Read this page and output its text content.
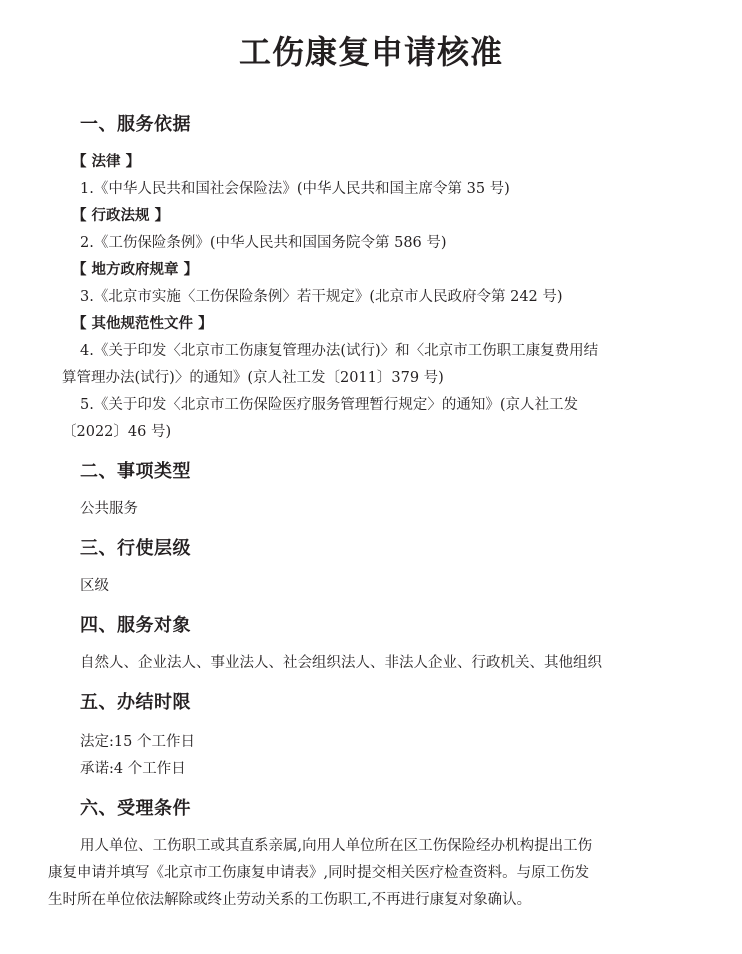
工伤康复申请核准
一、服务依据
【 法律 】
1.《中华人民共和国社会保险法》(中华人民共和国主席令第 35 号)
【 行政法规 】
2.《工伤保险条例》(中华人民共和国国务院令第 586 号)
【 地方政府规章 】
3.《北京市实施〈工伤保险条例〉若干规定》(北京市人民政府令第 242 号)
【 其他规范性文件 】
4.《关于印发〈北京市工伤康复管理办法(试行)〉和〈北京市工伤职工康复费用结
算管理办法(试行)〉的通知》(京人社工发〔2011〕379 号)
5.《关于印发〈北京市工伤保险医疗服务管理暂行规定〉的通知》(京人社工发
〔2022〕46 号)
二、事项类型
公共服务
三、行使层级
区级
四、服务对象
自然人、企业法人、事业法人、社会组织法人、非法人企业、行政机关、其他组织
五、办结时限
法定:15 个工作日
承诺:4 个工作日
六、受理条件
用人单位、工伤职工或其直系亲属,向用人单位所在区工伤保险经办机构提出工伤
康复申请并填写《北京市工伤康复申请表》,同时提交相关医疗检查资料。与原工伤发
生时所在单位依法解除或终止劳动关系的工伤职工,不再进行康复对象确认。
